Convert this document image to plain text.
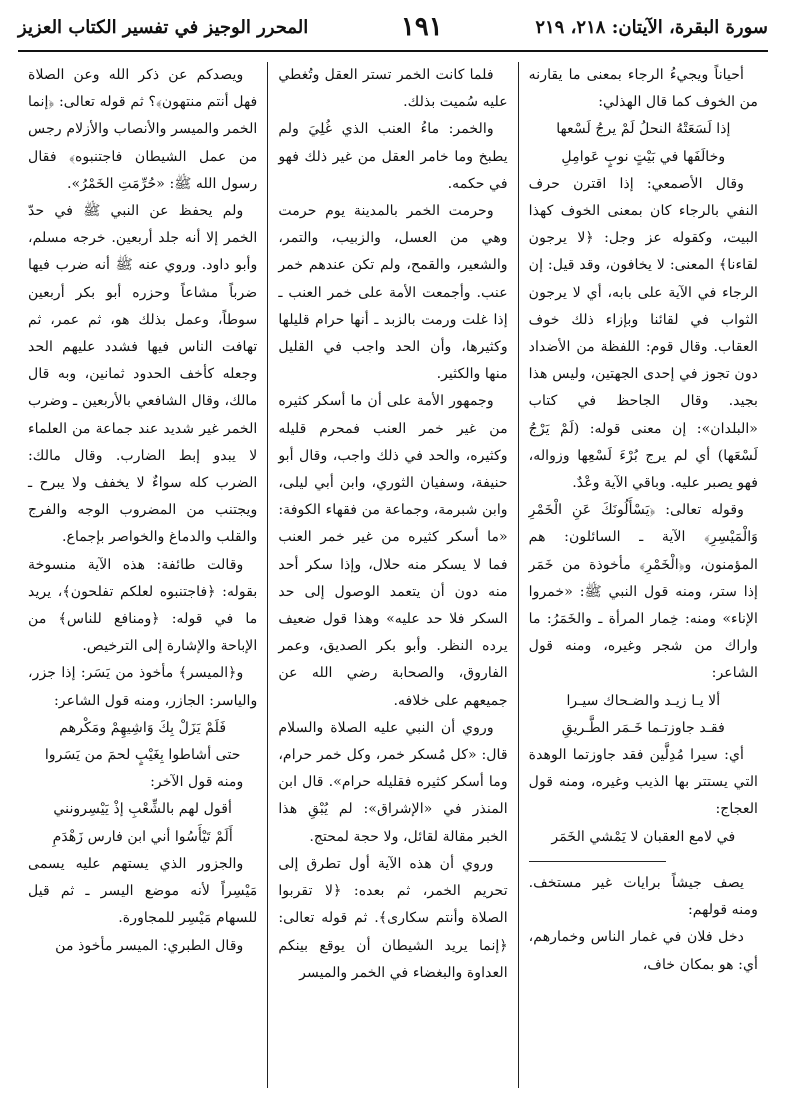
سورة البقرة، الآيتان: ٢١٨، ٢١٩
١٩١
المحرر الوجيز في تفسير الكتاب العزيز

أحياناً ويجيءُ الرجاء بمعنى ما يقارنه من الخوف كما قال الهذلي:

إذا لَسَعَتْهُ النحلُ لَمْ يرجُ لَسْعها

وخالَفَها في بَيْتٍ نوبٍ عَوامِلِ

وقال الأصمعي: إذا اقترن حرف النفي بالرجاء كان بمعنى الخوف كهذا البيت، وكقوله عز وجل: ﴿لا يرجون لقاءنا﴾ المعنى: لا يخافون، وقد قيل: إن الرجاء في الآية على بابه، أي لا يرجون الثواب في لقائنا وبإزاء ذلك خوف العقاب. وقال قوم: اللفظة من الأضداد دون تجوز في إحدى الجهتين، وليس هذا بجيد. وقال الجاحظ في كتاب «البلدان»: إن معنى قوله: (لَمْ يَرْجُ لَسْعَها) أي لم يرج بُرْءَ لَسْعِها وزواله، فهو يصبر عليه. وباقي الآية وعْدٌ.

وقوله تعالى: ﴿يَسْأَلُونَكَ عَنِ الْخَمْرِ وَالْمَيْسِرِ﴾ الآية ـ السائلون: هم المؤمنون، و﴿الْخَمْرِ﴾ مأخوذة من خَمَر إذا ستر، ومنه قول النبي ﷺ: «خمروا الإناء» ومنه: خِمار المرأة ـ والخَمَرُ: ما واراك من شجر وغيره، ومنه قول الشاعر:

ألا يـا زيـد والضـحاك سيـرا

فقـد جاوزتـما خَـمَر الطَّـريقِ

أي: سيرا مُدِلَّين فقد جاوزتما الوهدة التي يستتر بها الذيب وغيره، ومنه قول العجاج:

في لامع العقبان لا يَمْشي الخَمَر

يصف جيشاً برايات غير مستخف. ومنه قولهم:

دخل فلان في غمار الناس وخمارهم، أي: هو بمكان خاف،

فلما كانت الخمر تستر العقل وتُغطي عليه سُميت بذلك.

والخمر: ماءُ العنب الذي غُلِيَ ولم يطبخ وما خامر العقل من غير ذلك فهو في حكمه.

وحرمت الخمر بالمدينة يوم حرمت وهي من العسل، والزبيب، والتمر، والشعير، والقمح، ولم تكن عندهم خمر عنب. وأجمعت الأمة على خمر العنب ـ إذا غلت ورمت بالزبد ـ أنها حرام قليلها وكثيرها، وأن الحد واجب في القليل منها والكثير.

وجمهور الأمة على أن ما أسكر كثيره من غير خمر العنب فمحرم قليله وكثيره، والحد في ذلك واجب، وقال أبو حنيفة، وسفيان الثوري، وابن أبي ليلى، وابن شبرمة، وجماعة من فقهاء الكوفة: «ما أسكر كثيره من غير خمر العنب فما لا يسكر منه حلال، وإذا سكر أحد منه دون أن يتعمد الوصول إلى حد السكر فلا حد عليه» وهذا قول ضعيف يرده النظر. وأبو بكر الصديق، وعمر الفاروق، والصحابة رضي الله عن جميعهم على خلافه.

وروي أن النبي عليه الصلاة والسلام قال: «كل مُسكر خمر، وكل خمر حرام، وما أسكر كثيره فقليله حرام». قال ابن المنذر في «الإشراق»: لم يُبْقِ هذا الخبر مقالة لقائل، ولا حجة لمحتج.

وروي أن هذه الآية أول تطرق إلى تحريم الخمر، ثم بعده: ﴿لا تقربوا الصلاة وأنتم سكارى﴾. ثم قوله تعالى: ﴿إنما يريد الشيطان أن يوقع بينكم العداوة والبغضاء في الخمر والميسر

ويصدكم عن ذكر الله وعن الصلاة فهل أنتم منتهون﴾؟ ثم قوله تعالى: ﴿إنما الخمر والميسر والأنصاب والأزلام رجس من عمل الشيطان فاجتنبوه﴾ فقال رسول الله ﷺ: «حُرِّمَتِ الخَمْرُ».

ولم يحفظ عن النبي ﷺ في حدّ الخمر إلا أنه جلد أربعين. خرجه مسلم، وأبو داود. وروي عنه ﷺ أنه ضرب فيها ضرباً مشاعاً وحزره أبو بكر أربعين سوطاً، وعمل بذلك هو، ثم عمر، ثم تهافت الناس فيها فشدد عليهم الحد وجعله كأخف الحدود ثمانين، وبه قال مالك، وقال الشافعي بالأربعين ـ وضرب الخمر غير شديد عند جماعة من العلماء لا يبدو إبط الضارب. وقال مالك: الضرب كله سواءٌ لا يخفف ولا يبرح ـ ويجتنب من المضروب الوجه والفرج والقلب والدماغ والخواصر بإجماع.

وقالت طائفة: هذه الآية منسوخة بقوله: ﴿فاجتنبوه لعلكم تفلحون﴾، يريد ما في قوله: ﴿ومنافع للناس﴾ من الإباحة والإشارة إلى الترخيص.

و﴿الميسر﴾ مأخوذ من يَسَر: إذا جزر، والياسر: الجازر، ومنه قول الشاعر:

فَلَمْ يَزَلْ بِكَ وَاشِيهِمْ ومَكْرهم

حتى أشاطوا بِغَيْبٍ لحمَ من يَسَروا

ومنه قول الآخر:

أقول لهم بالشِّعْبِ إذْ يَيْسِرونني

أَلَمْ تَيْأَسُوا أني ابن فارس زَهْدَمِ

والجزور الذي يستهم عليه يسمى مَيْسِراً لأنه موضع اليسر ـ ثم قيل للسهام مَيْسِر للمجاورة.

وقال الطبري: الميسر مأخوذ من
